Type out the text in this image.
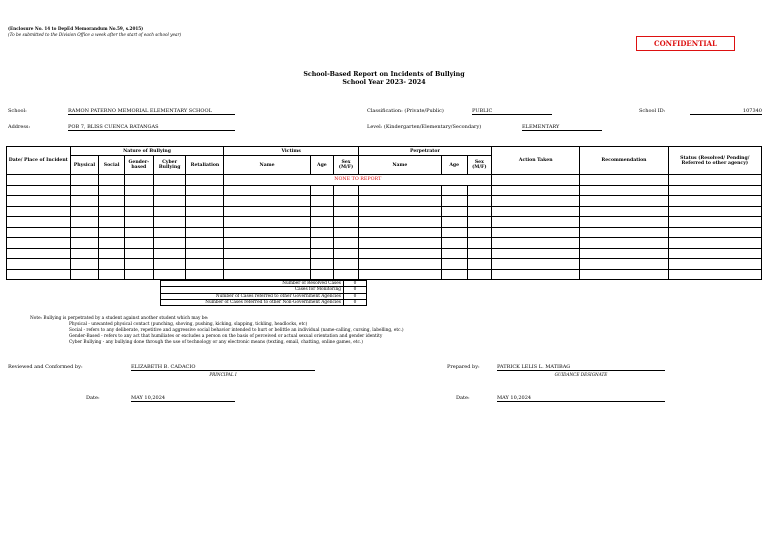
(Enclosure No. 14 to DepEd Memorandum No.59, s.2015)
(To be submitted to the Division Office a week after the start of each school year)
CONFIDENTIAL
School-Based Report on Incidents of Bullying
School Year 2023- 2024
School:	RAMON PATERNO MEMORIAL ELEMENTARY SCHOOL	Classification: (Private/Public)	PUBLIC	School ID:	107340
Address:	POB 7, BLISS CUENCA BATANGAS	Level: (Kindergarten/Elementary/Secondary)	ELEMENTARY
Date/ Place of Incident	Nature of Bullying					Victims			Perpetrator			Action Taken	Recommendation	Status (Resolved/ Pending/ Referred to other agency)
	Physical	Social	Gender-based	Cyber Bullying	Retaliation	Name	Age	Sex (M/F)	Name	Age	Sex (M/F)			
						NONE TO REPORT								

Number of Resolved Cases	0
Cases for Monitoring	0
Number of Cases referred to other Government Agencies	0
Number of Cases referred to other Non-Government Agencies	0
Note: Bullying is perpetrated by a student against another student which may be:
Physical - unwanted physical contact (punching, shoving, pushing, kicking, slapping, tickling, headlocks, etc)
Social - refers to any deliberate, repetitive and aggressive social behavior intended to hurt or belittle an individual (name-calling, cursing, labelling, etc.)
Gender-Based - refers to any act that humiliates or excludes a person on the basis of perceived or actual sexual orientation and gender identity
Cyber Bullying - any bullying done through the use of technology or any electronic means (texting, email, chatting, online games, etc.)
Reviewed and Conformed by:	ELIZABETH B. CADACIO
PRINCIPAL I
Prepared by:	PATRICK LELIS L. MATIBAG
GUIDANCE DESIGNATE
Date:	MAY 10,2024	Date:	MAY 10,2024
